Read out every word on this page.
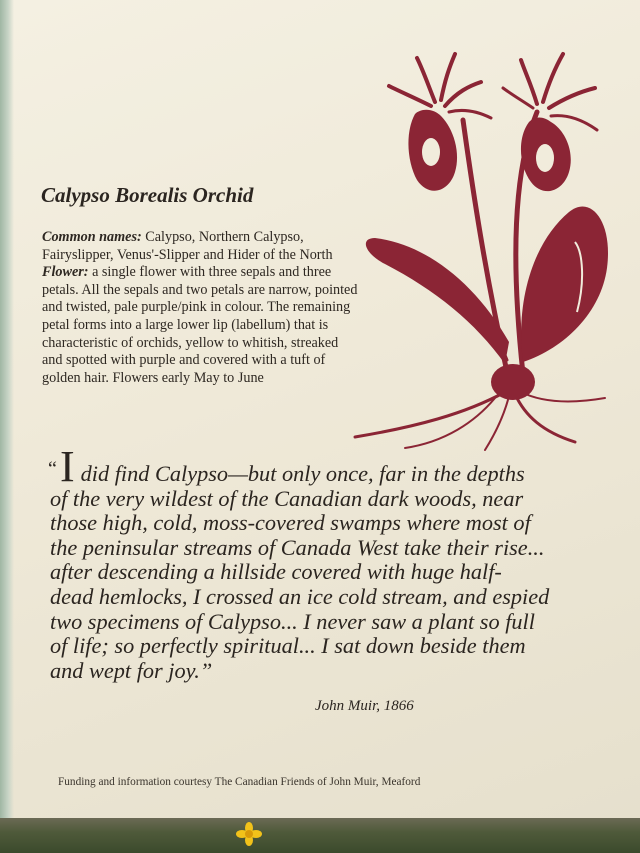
Calypso Borealis Orchid

Common names: Calypso, Northern Calypso, Fairyslipper, Venus'-Slipper and Hider of the North

Flower: a single flower with three sepals and three petals. All the sepals and two petals are narrow, pointed and twisted, pale purple/pink in colour. The remaining petal forms into a large lower lip (labellum) that is characteristic of orchids, yellow to whitish, streaked and spotted with purple and covered with a tuft of golden hair. Flowers early May to June

“ Idid find Calypso—but only once, far in the depths
of the very wildest of the Canadian dark woods, near
those high, cold, moss-covered swamps where most of
the peninsular streams of Canada West take their rise...
after descending a hillside covered with huge half-
dead hemlocks, I crossed an ice cold stream, and espied
two specimens of Calypso... I never saw a plant so full
of life; so perfectly spiritual... I sat down beside them
and wept for joy.”

John Muir, 1866

Funding and information courtesy The Canadian Friends of John Muir, Meaford
